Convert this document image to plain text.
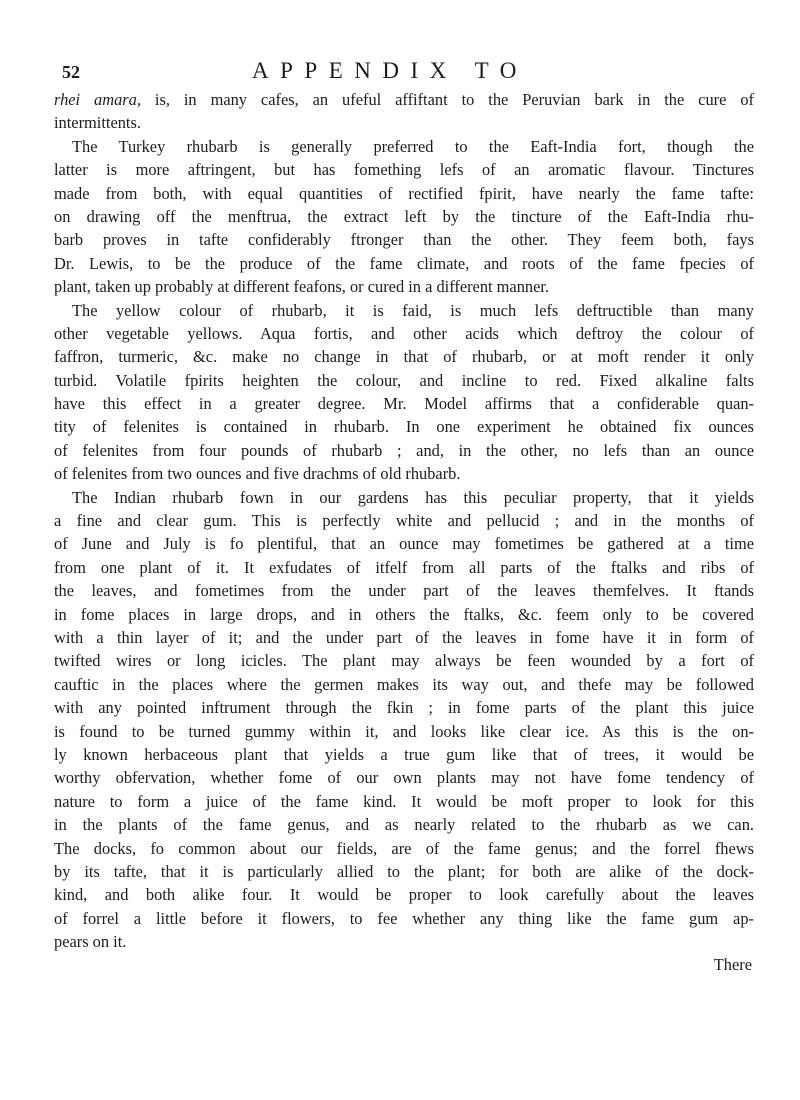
52	APPENDIX TO
rhei amara, is, in many cafes, an ufeful affiftant to the Peruvian bark in the cure of
intermittents.
The Turkey rhubarb is generally preferred to the Eaft-India fort, though the
latter is more aftringent, but has fomething lefs of an aromatic flavour. Tinctures
made from both, with equal quantities of rectified fpirit, have nearly the fame tafte:
on drawing off the menftrua, the extract left by the tincture of the Eaft-India rhu-
barb proves in tafte confiderably ftronger than the other. They feem both, fays
Dr. Lewis, to be the produce of the fame climate, and roots of the fame fpecies of
plant, taken up probably at different feafons, or cured in a different manner.
The yellow colour of rhubarb, it is faid, is much lefs deftructible than many
other vegetable yellows. Aqua fortis, and other acids which deftroy the colour of
faffron, turmeric, &c. make no change in that of rhubarb, or at moft render it only
turbid. Volatile fpirits heighten the colour, and incline to red. Fixed alkaline falts
have this effect in a greater degree. Mr. Model affirms that a confiderable quan-
tity of felenites is contained in rhubarb. In one experiment he obtained fix ounces
of felenites from four pounds of rhubarb ; and, in the other, no lefs than an ounce
of felenites from two ounces and five drachms of old rhubarb.
The Indian rhubarb fown in our gardens has this peculiar property, that it yields
a fine and clear gum. This is perfectly white and pellucid ; and in the months of
of June and July is fo plentiful, that an ounce may fometimes be gathered at a time
from one plant of it. It exfudates of itfelf from all parts of the ftalks and ribs of
the leaves, and fometimes from the under part of the leaves themfelves. It ftands
in fome places in large drops, and in others the ftalks, &c. feem only to be covered
with a thin layer of it; and the under part of the leaves in fome have it in form of
twifted wires or long icicles. The plant may always be feen wounded by a fort of
cauftic in the places where the germen makes its way out, and thefe may be followed
with any pointed inftrument through the fkin ; in fome parts of the plant this juice
is found to be turned gummy within it, and looks like clear ice. As this is the on-
ly known herbaceous plant that yields a true gum like that of trees, it would be
worthy obfervation, whether fome of our own plants may not have fome tendency of
nature to form a juice of the fame kind. It would be moft proper to look for this
in the plants of the fame genus, and as nearly related to the rhubarb as we can.
The docks, fo common about our fields, are of the fame genus; and the forrel fhews
by its tafte, that it is particularly allied to the plant; for both are alike of the dock-
kind, and both alike four. It would be proper to look carefully about the leaves
of forrel a little before it flowers, to fee whether any thing like the fame gum ap-
pears on it.
There
